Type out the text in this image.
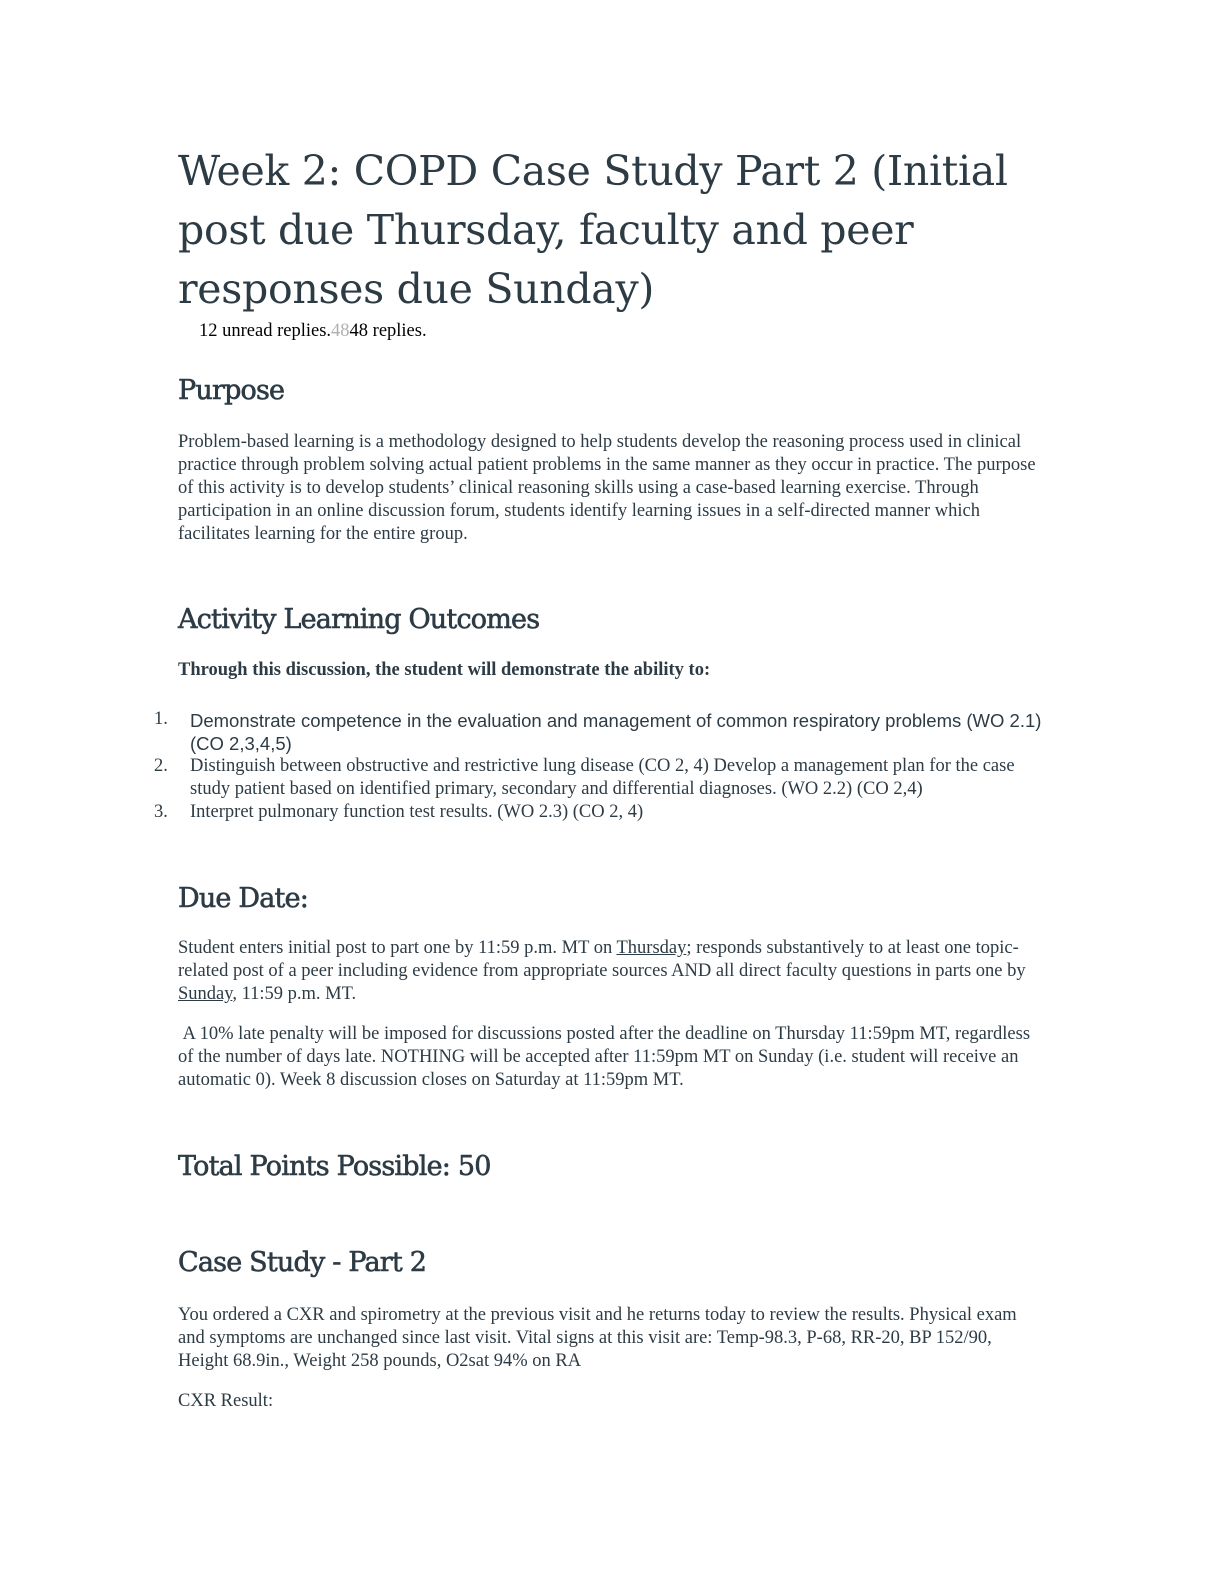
Week 2: COPD Case Study Part 2 (Initial post due Thursday, faculty and peer responses due Sunday)
12 unread replies.4848 replies.
Purpose

Problem-based learning is a methodology designed to help students develop the reasoning process used in clinical practice through problem solving actual patient problems in the same manner as they occur in practice. The purpose of this activity is to develop students’ clinical reasoning skills using a case-based learning exercise. Through participation in an online discussion forum, students identify learning issues in a self-directed manner which facilitates learning for the entire group.

Activity Learning Outcomes

Through this discussion, the student will demonstrate the ability to:

1. Demonstrate competence in the evaluation and management of common respiratory problems (WO 2.1) (CO 2,3,4,5)
2. Distinguish between obstructive and restrictive lung disease (CO 2, 4) Develop a management plan for the case study patient based on identified primary, secondary and differential diagnoses. (WO 2.2) (CO 2,4)
3. Interpret pulmonary function test results. (WO 2.3) (CO 2, 4)
Due Date:

Student enters initial post to part one by 11:59 p.m. MT on Thursday; responds substantively to at least one topic-related post of a peer including evidence from appropriate sources AND all direct faculty questions in parts one by Sunday, 11:59 p.m. MT.

A 10% late penalty will be imposed for discussions posted after the deadline on Thursday 11:59pm MT, regardless of the number of days late. NOTHING will be accepted after 11:59pm MT on Sunday (i.e. student will receive an automatic 0). Week 8 discussion closes on Saturday at 11:59pm MT.

Total Points Possible: 50
Case Study - Part 2

You ordered a CXR and spirometry at the previous visit and he returns today to review the results. Physical exam and symptoms are unchanged since last visit. Vital signs at this visit are: Temp-98.3, P-68, RR-20, BP 152/90, Height 68.9in., Weight 258 pounds, O2sat 94% on RA

CXR Result:
